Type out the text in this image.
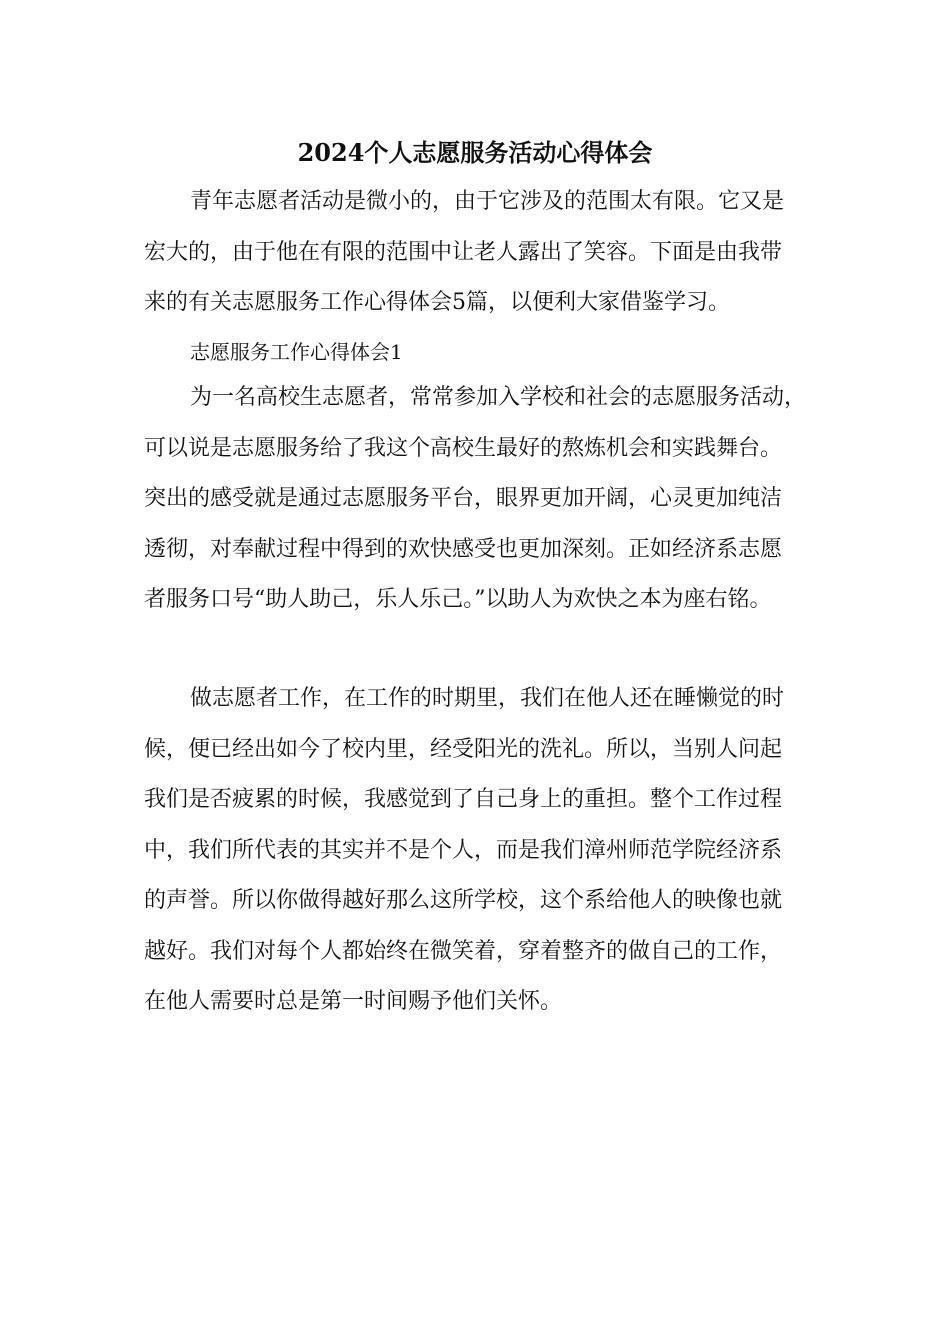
2024个人志愿服务活动心得体会
青年志愿者活动是微小的，由于它涉及的范围太有限。它又是
宏大的，由于他在有限的范围中让老人露出了笑容。下面是由我带
来的有关志愿服务工作心得体会5篇，以便利大家借鉴学习。
志愿服务工作心得体会1
为一名高校生志愿者，常常参加入学校和社会的志愿服务活动，
可以说是志愿服务给了我这个高校生最好的熬炼机会和实践舞台。
突出的感受就是通过志愿服务平台，眼界更加开阔，心灵更加纯洁
透彻，对奉献过程中得到的欢快感受也更加深刻。正如经济系志愿
者服务口号“助人助己，乐人乐己。”以助人为欢快之本为座右铭。
做志愿者工作，在工作的时期里，我们在他人还在睡懒觉的时
候，便已经出如今了校内里，经受阳光的洗礼。所以，当别人问起
我们是否疲累的时候，我感觉到了自己身上的重担。整个工作过程
中，我们所代表的其实并不是个人，而是我们漳州师范学院经济系
的声誉。所以你做得越好那么这所学校，这个系给他人的映像也就
越好。我们对每个人都始终在微笑着，穿着整齐的做自己的工作，
在他人需要时总是第一时间赐予他们关怀。
